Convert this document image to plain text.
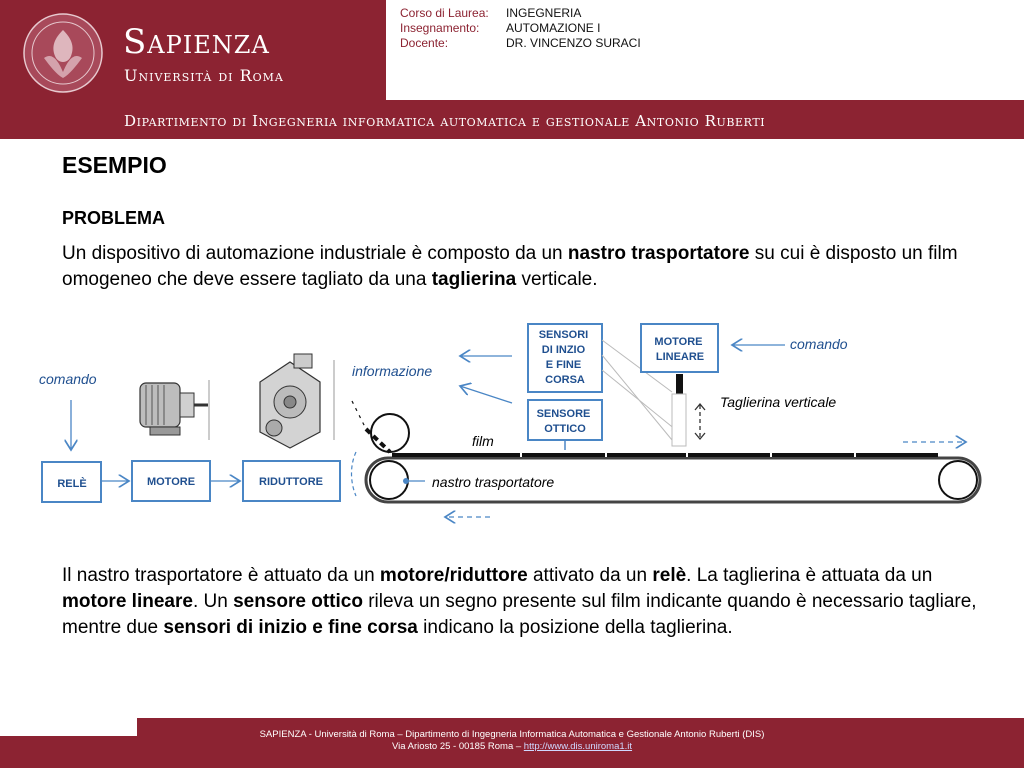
Sapienza
Università di Roma
Corso di Laurea:	INGEGNERIA
Insegnamento:	AUTOMAZIONE I
Docente:	DR. VINCENZO SURACI
Dipartimento di Ingegneria informatica automatica e gestionale Antonio Ruberti
ESEMPIO
PROBLEMA
Un dispositivo di automazione industriale è composto da un nastro trasportatore su cui è disposto un film omogeneo che deve essere tagliato da una taglierina verticale.
comando
RELÈ	MOTORE	RIDUTTORE
informazione
SENSORI DI INZIO E FINE CORSA
SENSORE OTTICO
MOTORE LINEARE
comando
Taglierina verticale
film
nastro trasportatore
Il nastro trasportatore è attuato da un motore/riduttore attivato da un relè. La taglierina è attuata da un motore lineare. Un sensore ottico rileva un segno presente sul film indicante quando è necessario tagliare, mentre due sensori di inizio e fine corsa indicano la posizione della taglierina.
SAPIENZA - Università di Roma – Dipartimento di Ingegneria Informatica Automatica e Gestionale Antonio Ruberti (DIS)
Via Ariosto 25 - 00185 Roma – http://www.dis.uniroma1.it
